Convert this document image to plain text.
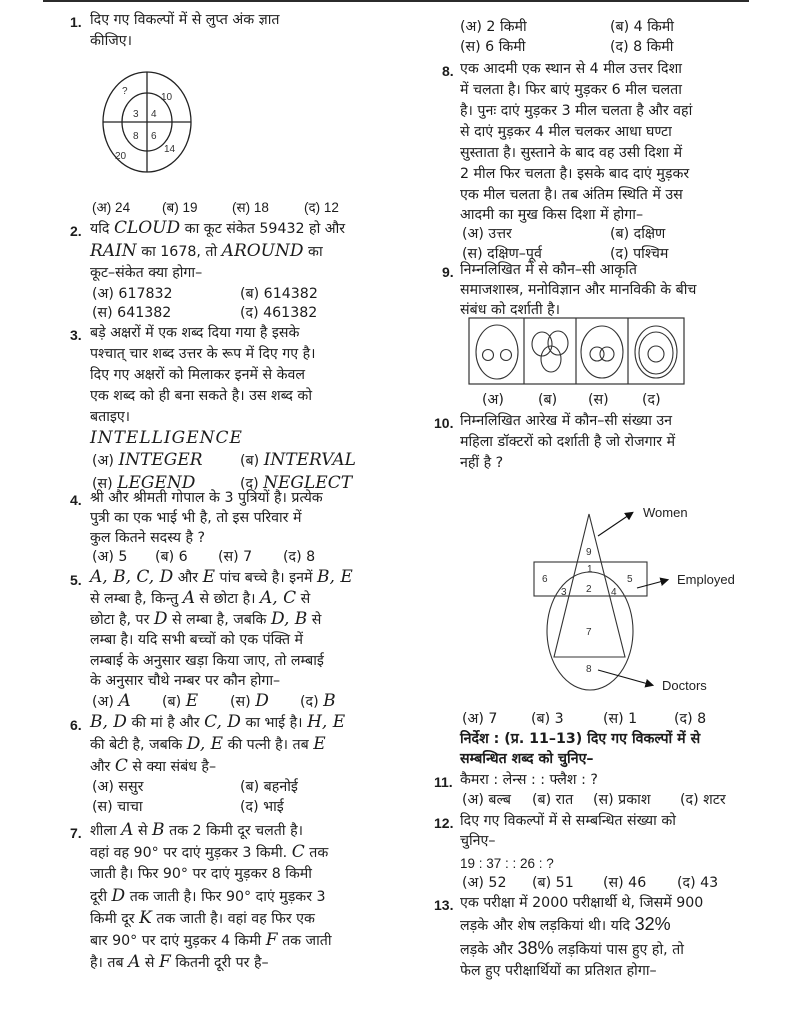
1. दिए गए विकल्पों में से लुप्त अंक ज्ञात
कीजिए।
3 4
8 6
?
10
20
14
(अ) 24 (ब) 19	(स) 18	(द) 12
2. यदि CLOUD का कूट संकेत 59432 हो और
RAIN का 1678, तो AROUND का
कूट–संकेत क्या होगा–
(अ) 617832	(ब) 614382
(स) 641382	(द) 461382
3. बड़े अक्षरों में एक शब्द दिया गया है इसके
पश्चात् चार शब्द उत्तर के रूप में दिए गए है।
दिए गए अक्षरों को मिलाकर इनमें से केवल
एक शब्द को ही बना सकते है। उस शब्द को
बताइए।
INTELLIGENCE
(अ) INTEGER	(ब) INTERVAL
(स) LEGEND	(द) NEGLECT
4. श्री और श्रीमती गोपाल के 3 पुत्रियों है। प्रत्येक
पुत्री का एक भाई भी है, तो इस परिवार में
कुल कितने सदस्य है ?
(अ) 5 (ब) 6 (स) 7 (द) 8
5. A, B, C, D और E पांच बच्चे है। इनमें B, E
से लम्बा है, किन्तु A से छोटा है। A, C से
छोटा है, पर D से लम्बा है, जबकि D, B से
लम्बा है। यदि सभी बच्चों को एक पंक्ति में
लम्बाई के अनुसार खड़ा किया जाए, तो लम्बाई
के अनुसार चौथे नम्बर पर कौन होगा–
(अ) A (ब) E (स) D (द) B
6. B, D की मां है और C, D का भाई है। H, E
की बेटी है, जबकि D, E की पत्नी है। तब E
और C से क्या संबंध है–
(अ) ससुर	(ब) बहनोई
(स) चाचा	(द) भाई
7. शीला A से B तक 2 किमी दूर चलती है।
वहां वह 90° पर दाएं मुड़कर 3 किमी. C तक
जाती है। फिर 90° पर दाएं मुड़कर 8 किमी
दूरी D तक जाती है। फिर 90° दाएं मुड़कर 3
किमी दूर K तक जाती है। वहां वह फिर एक
बार 90° पर दाएं मुड़कर 4 किमी F तक जाती
है। तब A से F कितनी दूरी पर है–
(अ) 2 किमी	(ब) 4 किमी
(स) 6 किमी	(द) 8 किमी
8. एक आदमी एक स्थान से 4 मील उत्तर दिशा
में चलता है। फिर बाएं मुड़कर 6 मील चलता
है। पुनः दाएं मुड़कर 3 मील चलता है और वहां
से दाएं मुड़कर 4 मील चलकर आधा घण्टा
सुस्ताता है। सुस्ताने के बाद वह उसी दिशा में
2 मील फिर चलता है। इसके बाद दाएं मुड़कर
एक मील चलता है। तब अंतिम स्थिति में उस
आदमी का मुख किस दिशा में होगा–
(अ) उत्तर	(ब) दक्षिण
(स) दक्षिण–पूर्व	(द) पश्चिम
9. निम्नलिखित में से कौन–सी आकृति
समाजशास्त्र, मनोविज्ञान और मानविकी के बीच
संबंध को दर्शाती है।
(अ) (ब) (स) (द)
10. निम्नलिखित आरेख में कौन–सी संख्या उन
महिला डॉक्टरों को दर्शाती है जो रोजगार में
नहीं है ?
9
1
6	5
2
3	4
7
8
Women
Employed
Doctors
(अ) 7 (ब) 3	(स) 1	(द) 8
निर्देश : (प्र. 11–13) दिए गए विकल्पों में से
सम्बन्धित शब्द को चुनिए–
11. कैमरा : लेन्स : : फ्लैश : ?
(अ) बल्ब (ब) रात (स) प्रकाश (द) शटर
12. दिए गए विकल्पों में से सम्बन्धित संख्या को
चुनिए–
19 : 37 : : 26 : ?
(अ) 52 (ब) 51 (स) 46 (द) 43
13. एक परीक्षा में 2000 परीक्षार्थी थे, जिसमें 900
लड़के और शेष लड़कियां थी। यदि 32%
लड़के और 38% लड़कियां पास हुए हो, तो
फेल हुए परीक्षार्थियों का प्रतिशत होगा–
